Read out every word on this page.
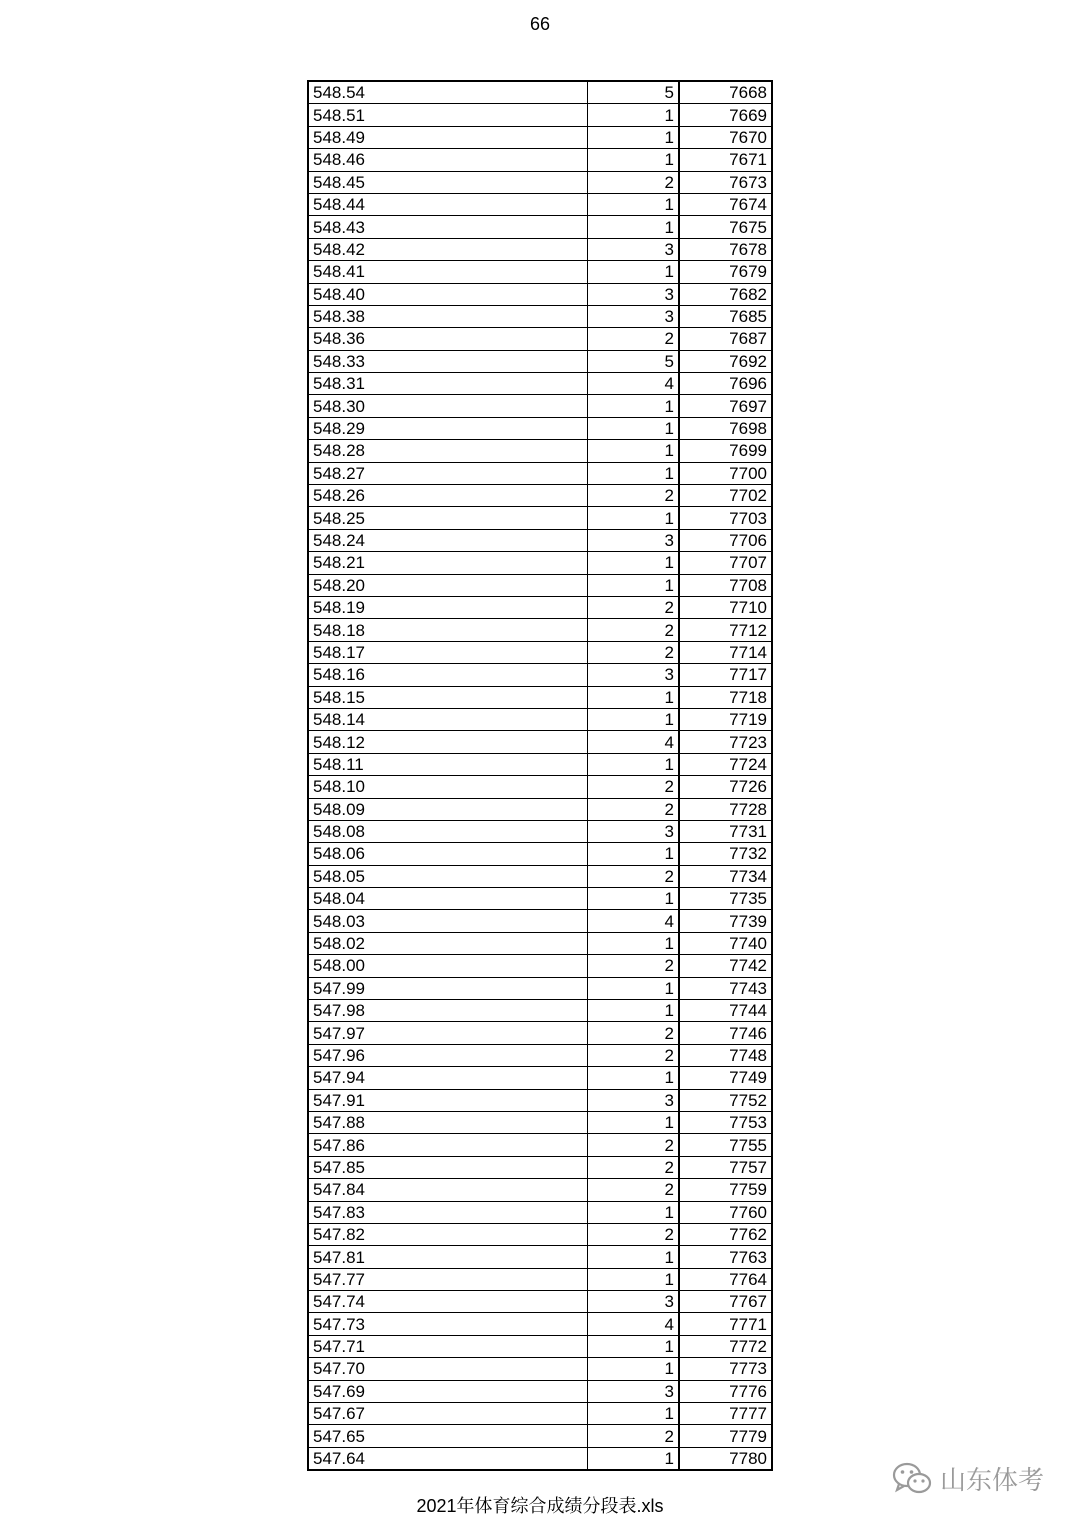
66
548.54	5	7668
548.51	1	7669
548.49	1	7670
548.46	1	7671
548.45	2	7673
548.44	1	7674
548.43	1	7675
548.42	3	7678
548.41	1	7679
548.40	3	7682
548.38	3	7685
548.36	2	7687
548.33	5	7692
548.31	4	7696
548.30	1	7697
548.29	1	7698
548.28	1	7699
548.27	1	7700
548.26	2	7702
548.25	1	7703
548.24	3	7706
548.21	1	7707
548.20	1	7708
548.19	2	7710
548.18	2	7712
548.17	2	7714
548.16	3	7717
548.15	1	7718
548.14	1	7719
548.12	4	7723
548.11	1	7724
548.10	2	7726
548.09	2	7728
548.08	3	7731
548.06	1	7732
548.05	2	7734
548.04	1	7735
548.03	4	7739
548.02	1	7740
548.00	2	7742
547.99	1	7743
547.98	1	7744
547.97	2	7746
547.96	2	7748
547.94	1	7749
547.91	3	7752
547.88	1	7753
547.86	2	7755
547.85	2	7757
547.84	2	7759
547.83	1	7760
547.82	2	7762
547.81	1	7763
547.77	1	7764
547.74	3	7767
547.73	4	7771
547.71	1	7772
547.70	1	7773
547.69	3	7776
547.67	1	7777
547.65	2	7779
547.64	1	7780
山东体考
2021年体育综合成绩分段表.xls
